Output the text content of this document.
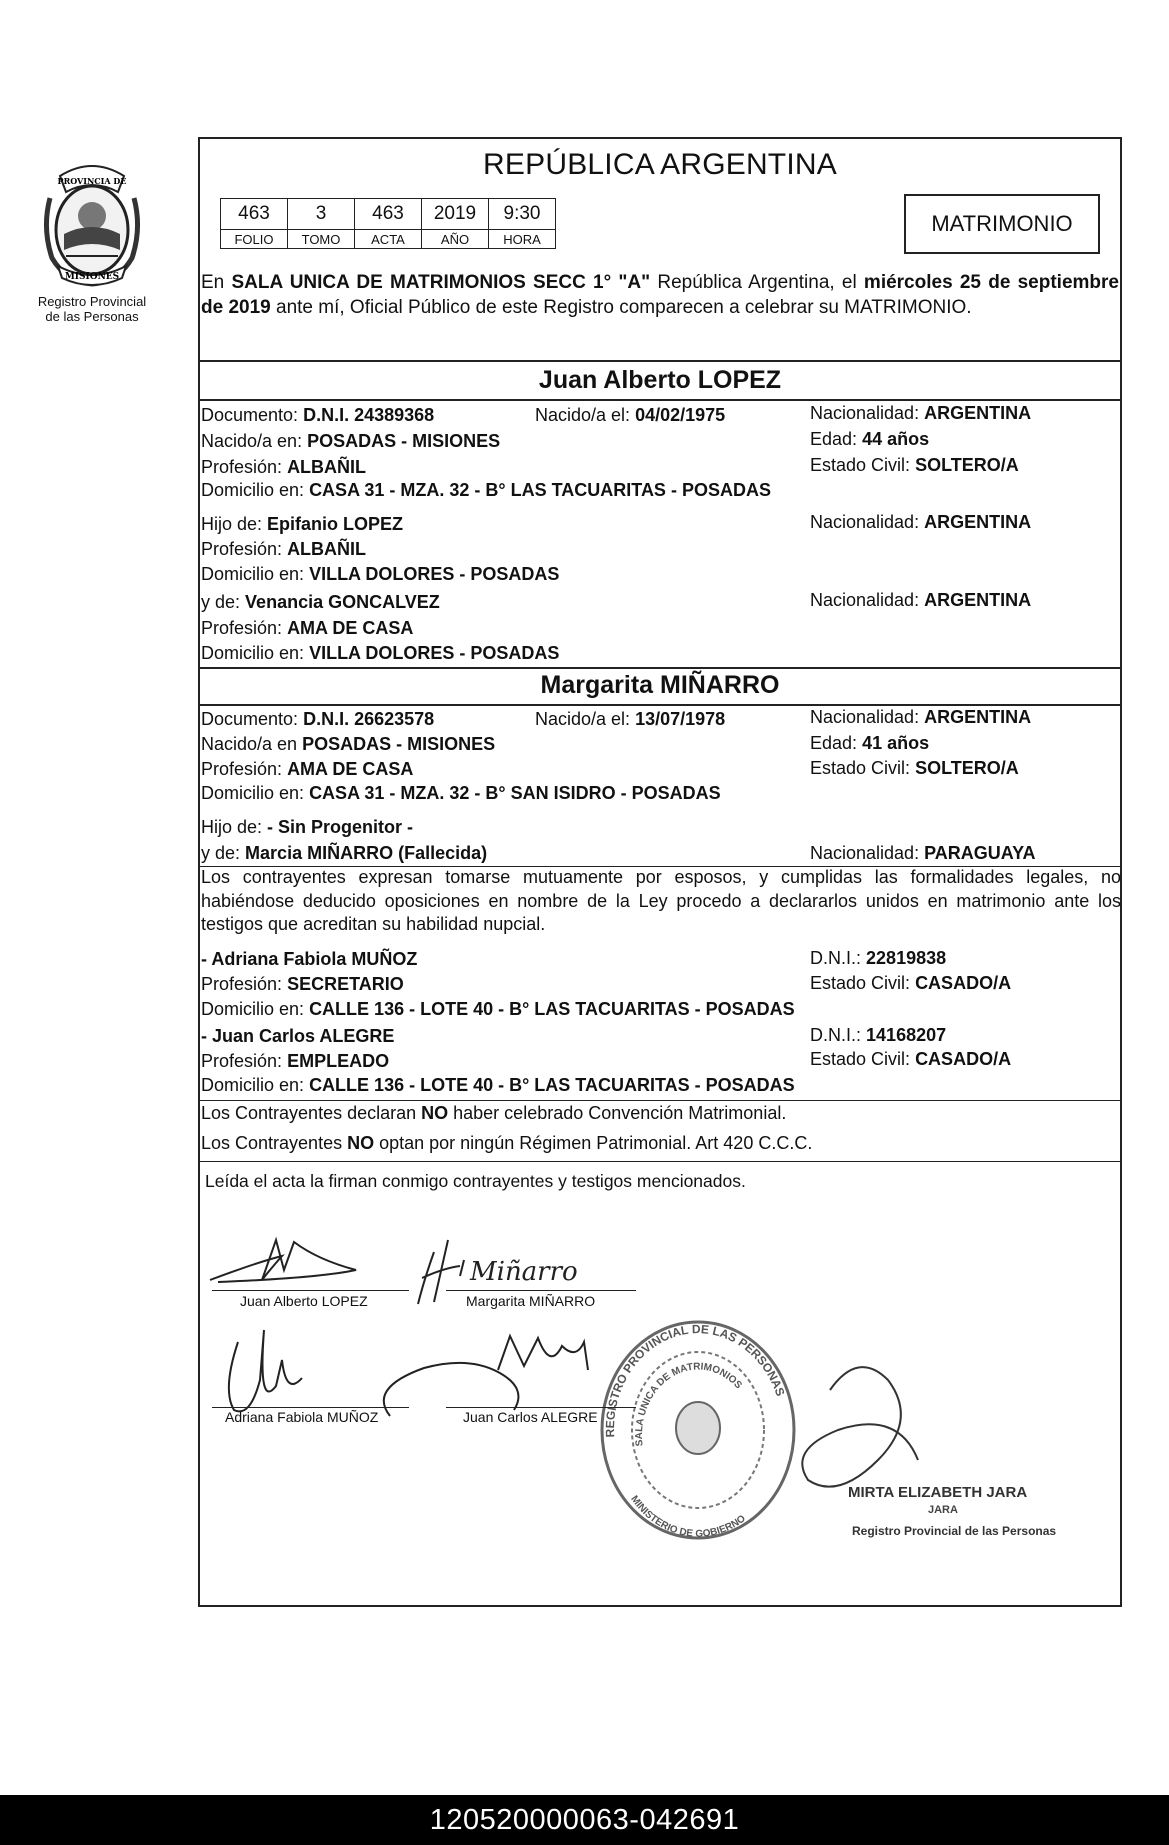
PROVINCIA DE
MISIONES
Registro Provincial
de las Personas
REPÚBLICA ARGENTINA
463	3	463	2019	9:30
FOLIO	TOMO	ACTA	AÑO	HORA
MATRIMONIO
En SALA UNICA DE MATRIMONIOS SECC 1° "A" República Argentina, el miércoles 25 de septiembre de 2019 ante mí, Oficial Público de este Registro comparecen a celebrar su MATRIMONIO.
Juan Alberto LOPEZ
Documento: D.N.I. 24389368	Nacido/a el: 04/02/1975	Nacionalidad: ARGENTINA
Nacido/a en: POSADAS - MISIONES	Edad: 44 años
Profesión: ALBAÑIL	Estado Civil: SOLTERO/A
Domicilio en: CASA 31 - MZA. 32 - B° LAS TACUARITAS - POSADAS
Hijo de: Epifanio LOPEZ	Nacionalidad: ARGENTINA
Profesión: ALBAÑIL
Domicilio en: VILLA DOLORES - POSADAS
y de: Venancia GONCALVEZ	Nacionalidad: ARGENTINA
Profesión: AMA DE CASA
Domicilio en: VILLA DOLORES - POSADAS
Margarita MIÑARRO
Documento: D.N.I. 26623578	Nacido/a el: 13/07/1978	Nacionalidad: ARGENTINA
Nacido/a en POSADAS - MISIONES	Edad: 41 años
Profesión: AMA DE CASA	Estado Civil: SOLTERO/A
Domicilio en: CASA 31 - MZA. 32 - B° SAN ISIDRO - POSADAS
Hijo de: - Sin Progenitor -
y de: Marcia MIÑARRO (Fallecida)	Nacionalidad: PARAGUAYA
Los contrayentes expresan tomarse mutuamente por esposos, y cumplidas las formalidades legales, no habiéndose deducido oposiciones en nombre de la Ley procedo a declararlos unidos en matrimonio ante los testigos que acreditan su habilidad nupcial.
- Adriana Fabiola MUÑOZ	D.N.I.: 22819838
Profesión: SECRETARIO	Estado Civil: CASADO/A
Domicilio en: CALLE 136 - LOTE 40 - B° LAS TACUARITAS - POSADAS
- Juan Carlos ALEGRE	D.N.I.: 14168207
Profesión: EMPLEADO	Estado Civil: CASADO/A
Domicilio en: CALLE 136 - LOTE 40 - B° LAS TACUARITAS - POSADAS
Los Contrayentes declaran NO haber celebrado Convención Matrimonial.
Los Contrayentes NO optan por ningún Régimen Patrimonial. Art 420 C.C.C.
Leída el acta la firman conmigo contrayentes y testigos mencionados.
Miñarro
REGISTRO PROVINCIAL DE LAS PERSONAS
SALA UNICA DE MATRIMONIOS
MINISTERIO DE GOBIERNO
Juan Alberto LOPEZ	Margarita MIÑARRO
Adriana Fabiola MUÑOZ	Juan Carlos ALEGRE
MIRTA ELIZABETH JARA
JARA
Registro Provincial de las Personas
120520000063-042691
